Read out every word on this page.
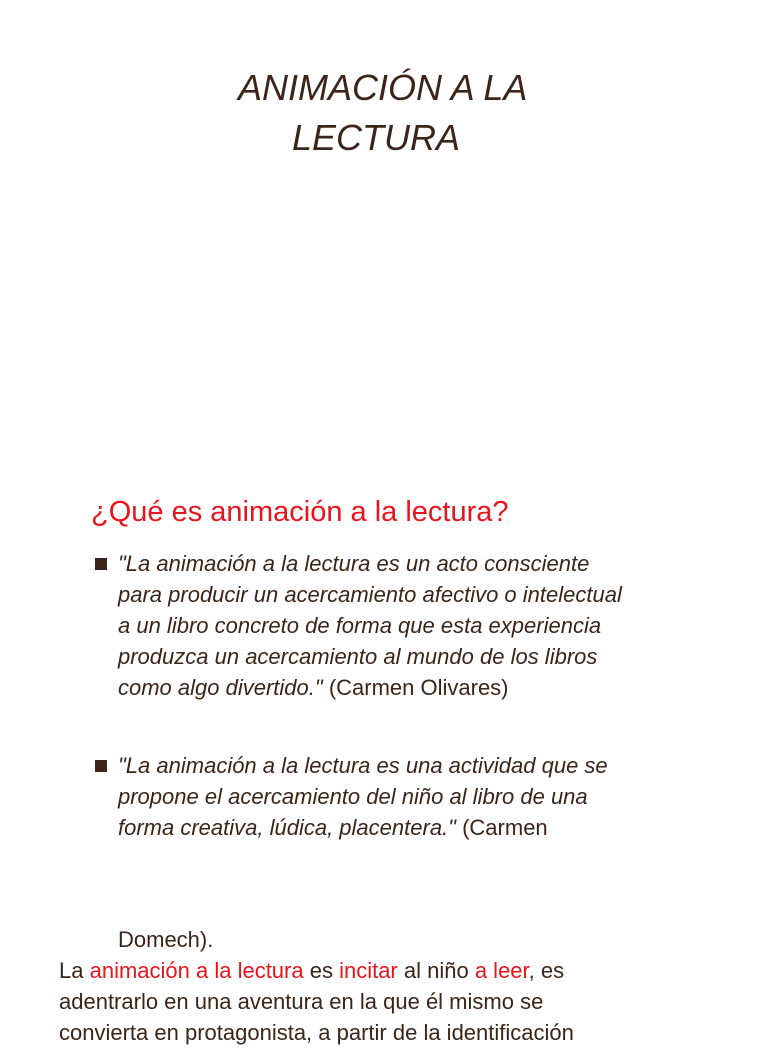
ANIMACIÓN A LA
LECTURA
¿Qué es animación a la lectura?
"La animación a la lectura es un acto consciente
para producir un acercamiento afectivo o intelectual
a un libro concreto de forma que esta experiencia
produzca un acercamiento al mundo de los libros
como algo divertido." (Carmen Olivares)
"La animación a la lectura es una actividad que se
propone el acercamiento del niño al libro de una
forma creativa, lúdica, placentera." (Carmen
Domech).
La animación a la lectura es incitar al niño a leer, es
adentrarlo en una aventura en la que él mismo se
convierta en protagonista, a partir de la identificación
